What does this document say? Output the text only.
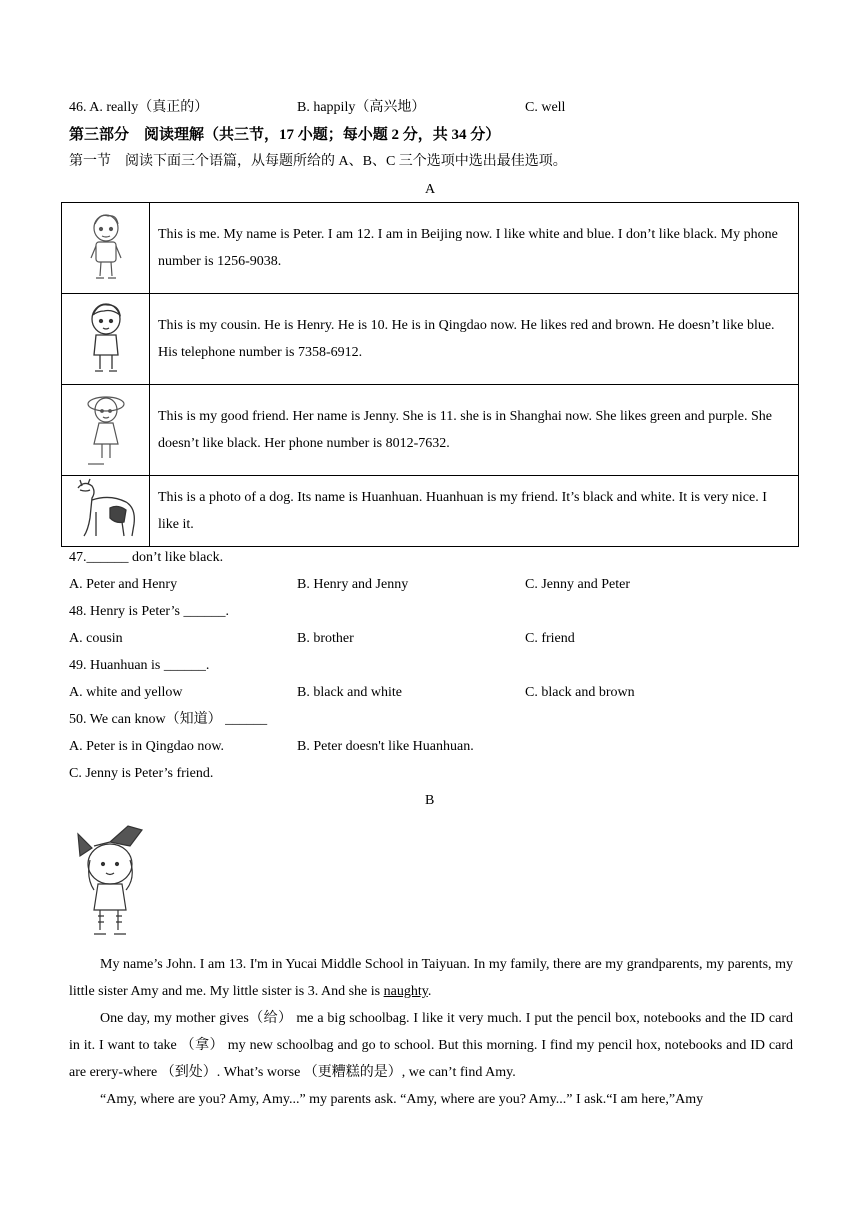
46. A. really（真正的）	B. happily（高兴地）	C. well
第三部分　阅读理解（共三节，17 小题；每小题 2 分，共 34 分）
第一节　阅读下面三个语篇，从每题所给的 A、B、C 三个选项中选出最佳选项。
A
	This is me. My name is Peter. I am 12. I am in Beijing now. I like white and blue. I don’t like black. My phone number is 1256-9038.
	This is my cousin. He is Henry. He is 10. He is in Qingdao now. He likes red and brown. He doesn’t like blue. His telephone number is 7358-6912.
	This is my good friend. Her name is Jenny. She is 11. she is in Shanghai now. She likes green and purple. She doesn’t like black. Her phone number is 8012-7632.
	This is a photo of a dog. Its name is Huanhuan. Huanhuan is my friend. It’s black and white. It is very nice. I like it.
47.______ don’t like black.
A. Peter and Henry	B. Henry and Jenny	C. Jenny and Peter
48. Henry is Peter’s ______.
A. cousin	B. brother	C. friend
49. Huanhuan is ______.
A. white and yellow	B. black and white	C. black and brown
50. We can know（知道） ______
A. Peter is in Qingdao now.	B. Peter doesn't like Huanhuan.
C. Jenny is Peter’s friend.
B
My name’s John. I am 13. I'm in Yucai Middle School in Taiyuan. In my family, there are my grandparents, my parents, my little sister Amy and me. My little sister is 3. And she is naughty.
One day, my mother gives（给） me a big schoolbag. I like it very much. I put the pencil box, notebooks and the ID card in it. I want to take （拿） my new schoolbag and go to school. But this morning. I find my pencil hox, notebooks and ID card are erery-where （到处）. What’s worse （更糟糕的是）, we can’t find Amy.
“Amy, where are you? Amy, Amy...” my parents ask. “Amy, where are you? Amy...” I ask.“I am here,”Amy
